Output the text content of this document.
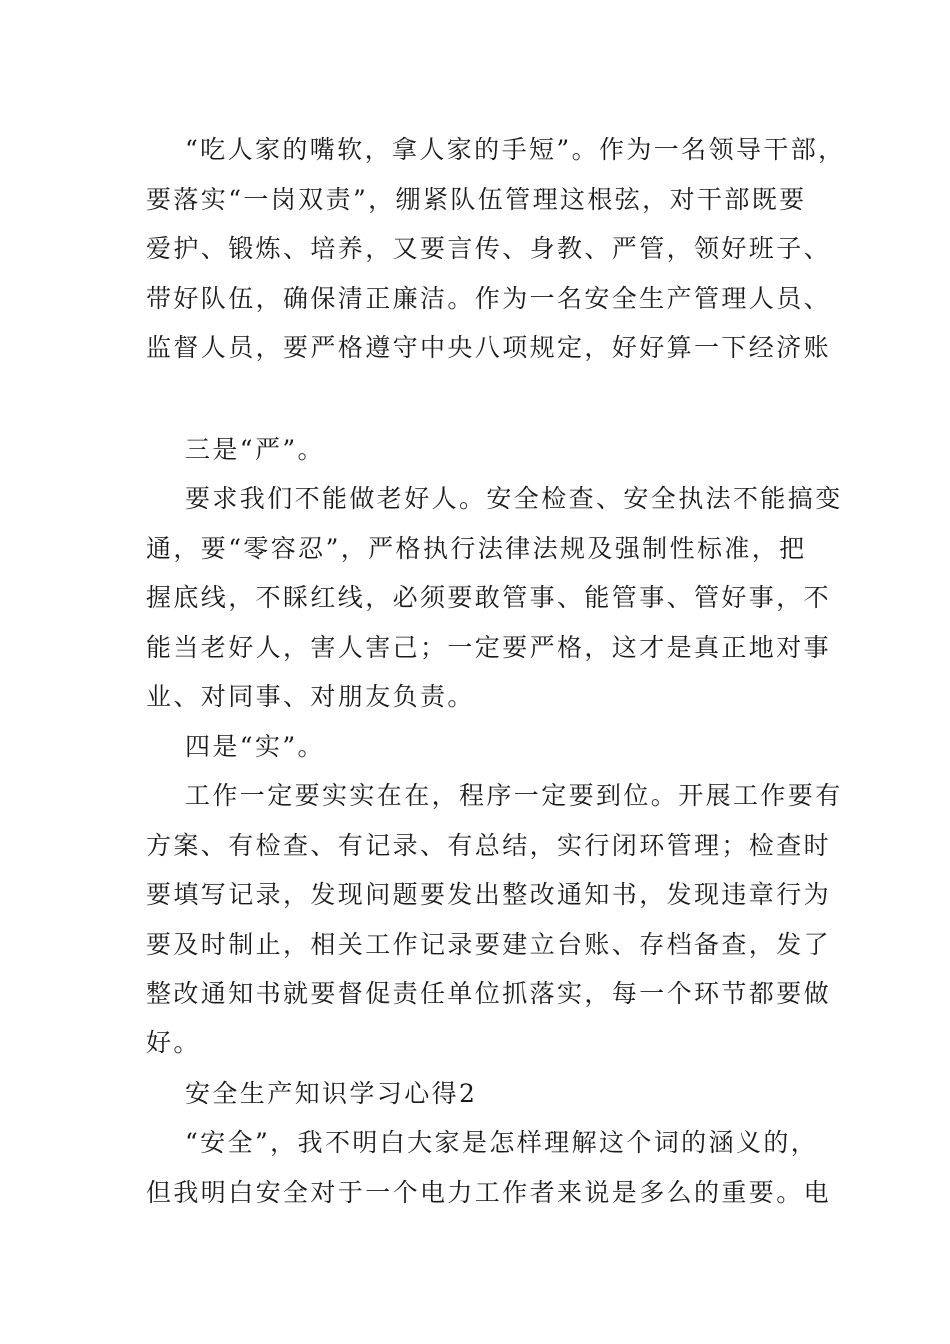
“吃人家的嘴软，拿人家的手短”。作为一名领导干部，
要落实“一岗双责”，绷紧队伍管理这根弦，对干部既要
爱护、锻炼、培养，又要言传、身教、严管，领好班子、
带好队伍，确保清正廉洁。作为一名安全生产管理人员、
监督人员，要严格遵守中央八项规定，好好算一下经济账
三是“严”。
要求我们不能做老好人。安全检查、安全执法不能搞变
通，要“零容忍”，严格执行法律法规及强制性标准，把
握底线，不睬红线，必须要敢管事、能管事、管好事，不
能当老好人，害人害己；一定要严格，这才是真正地对事
业、对同事、对朋友负责。
四是“实”。
工作一定要实实在在，程序一定要到位。开展工作要有
方案、有检查、有记录、有总结，实行闭环管理；检查时
要填写记录，发现问题要发出整改通知书，发现违章行为
要及时制止，相关工作记录要建立台账、存档备查，发了
整改通知书就要督促责任单位抓落实，每一个环节都要做
好。
安全生产知识学习心得2
“安全”，我不明白大家是怎样理解这个词的涵义的，
但我明白安全对于一个电力工作者来说是多么的重要。电
